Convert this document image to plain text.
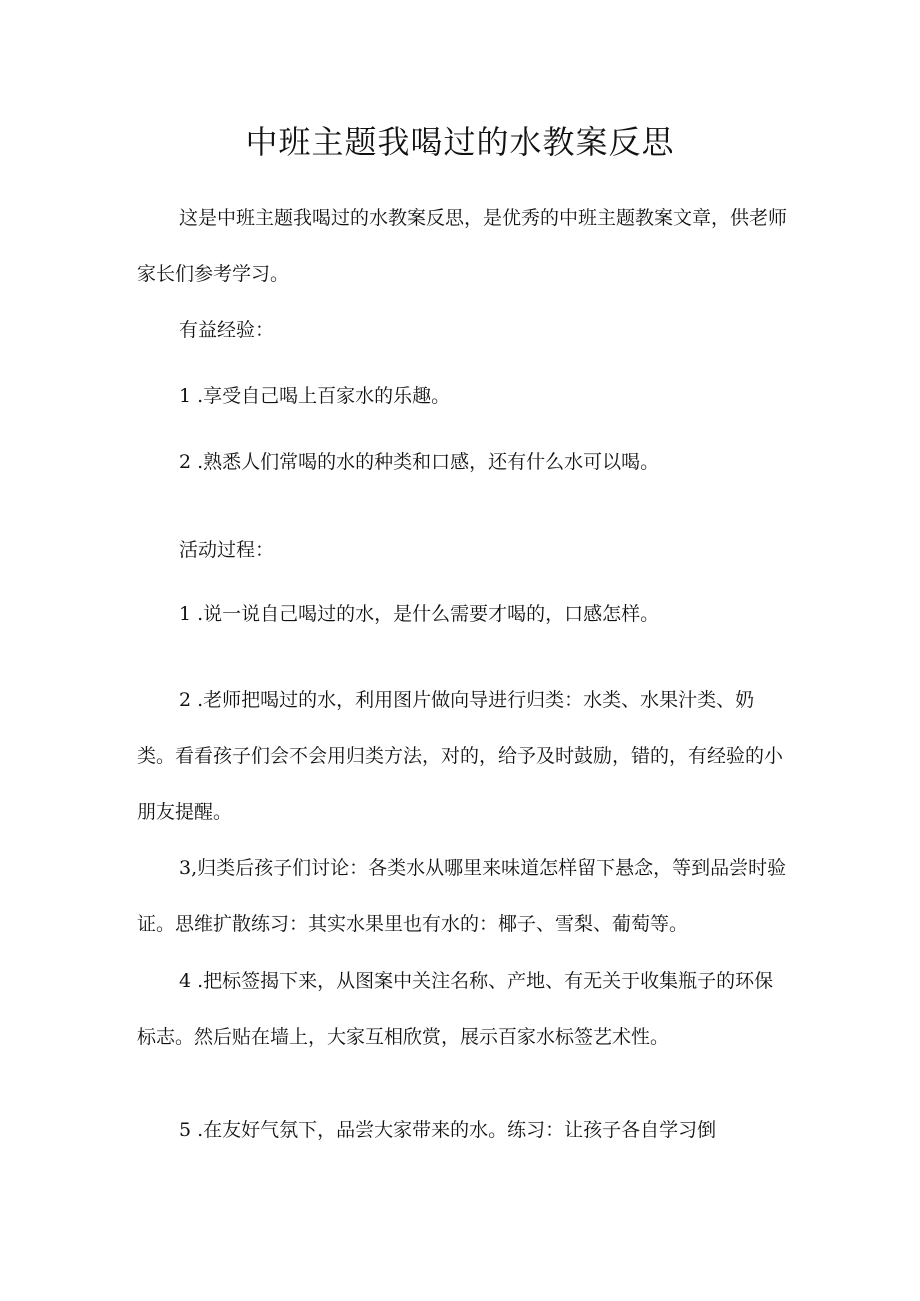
中班主题我喝过的水教案反思

这是中班主题我喝过的水教案反思，是优秀的中班主题教案文章，供老师家长们参考学习。

有益经验：

1 .享受自己喝上百家水的乐趣。

2 .熟悉人们常喝的水的种类和口感，还有什么水可以喝。

活动过程：

1 .说一说自己喝过的水，是什么需要才喝的，口感怎样。

2 .老师把喝过的水，利用图片做向导进行归类：水类、水果汁类、奶类。看看孩子们会不会用归类方法，对的，给予及时鼓励，错的，有经验的小朋友提醒。

3,归类后孩子们讨论：各类水从哪里来味道怎样留下悬念，等到品尝时验证。思维扩散练习：其实水果里也有水的：椰子、雪梨、葡萄等。

4 .把标签揭下来，从图案中关注名称、产地、有无关于收集瓶子的环保标志。然后贴在墙上，大家互相欣赏，展示百家水标签艺术性。

5 .在友好气氛下，品尝大家带来的水。练习：让孩子各自学习倒
